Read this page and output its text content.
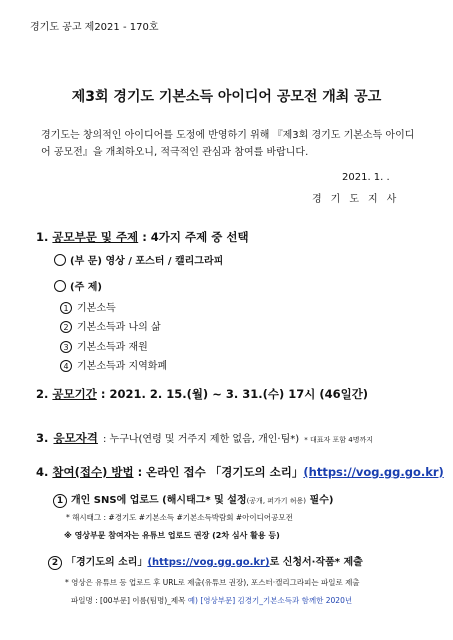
경기도 공고 제2021 - 170호
제3회 경기도 기본소득 아이디어 공모전 개최 공고
경기도는 창의적인 아이디어를 도정에 반영하기 위해 『제3회 경기도 기본소득 아이디어 공모전』을 개최하오니, 적극적인 관심과 참여를 바랍니다.
2021. 1. .
경기도지사
1. 공모부문 및 주제 : 4가지 주제 중 선택
(부 문) 영상 / 포스터 / 캘리그라피
(주 제)
1 기본소득
2 기본소득과 나의 삶
3 기본소득과 재원
4 기본소득과 지역화폐
2. 공모기간 : 2021. 2. 15.(월) ~ 3. 31.(수) 17시 (46일간)
3. 응모자격 : 누구나(연령 및 거주지 제한 없음, 개인·팀*) * 대표자 포함 4명까지
4. 참여(접수) 방법 : 온라인 접수 「경기도의 소리」(https://vog.gg.go.kr)
1 개인 SNS에 업로드 (해시태그* 및 설정(공개, 퍼가기 허용) 필수)
* 해시태그 : #경기도 #기본소득 #기본소득박람회 #아이디어공모전
※ 영상부문 참여자는 유튜브 업로드 권장 (2차 심사 활용 등)
2 「경기도의 소리」(https://vog.gg.go.kr)로 신청서·작품* 제출
* 영상은 유튜브 등 업로드 후 URL로 제출(유튜브 권장), 포스터·캘리그라피는 파일로 제출
파일명 : [00부문] 이름(팀명)_제목 예) [영상부문] 김경기_기본소득과 함께한 2020년
